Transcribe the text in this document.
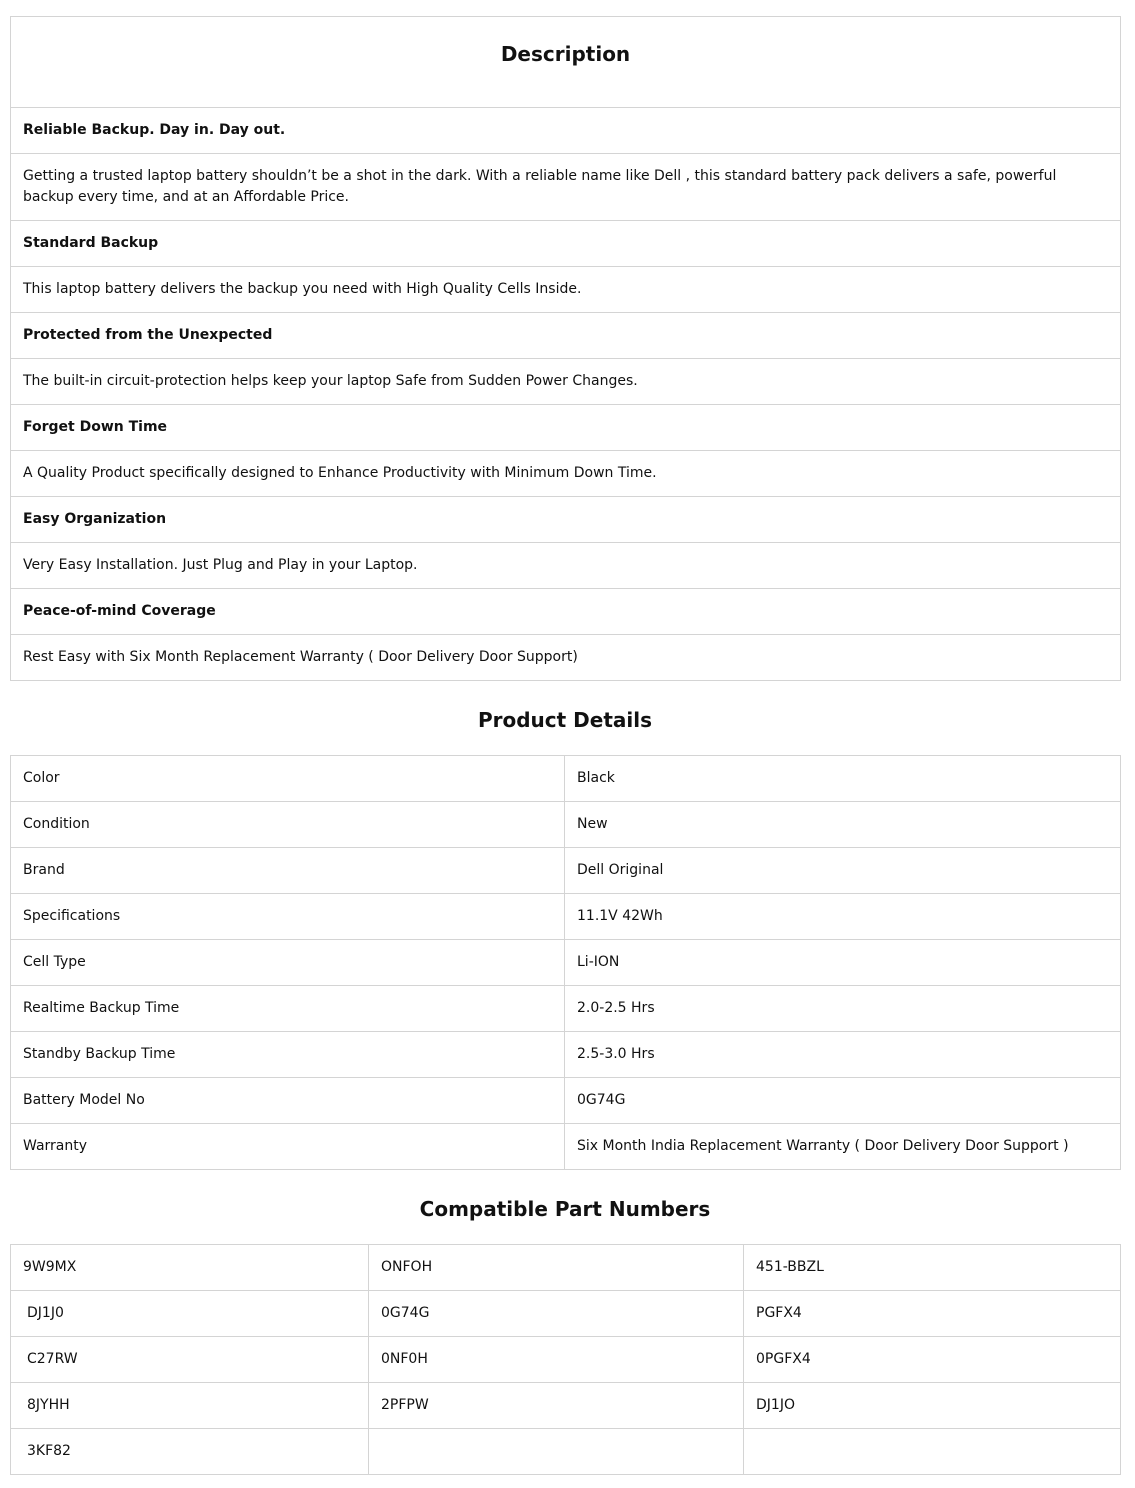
Description
Reliable Backup. Day in. Day out.
Getting a trusted laptop battery shouldn’t be a shot in the dark. With a reliable name like Dell , this standard battery pack delivers a safe, powerful backup every time, and at an Affordable Price.
Standard Backup
This laptop battery delivers the backup you need with High Quality Cells Inside.
Protected from the Unexpected
The built-in circuit-protection helps keep your laptop Safe from Sudden Power Changes.
Forget Down Time
A Quality Product specifically designed to Enhance Productivity with Minimum Down Time.
Easy Organization
Very Easy Installation. Just Plug and Play in your Laptop.
Peace-of-mind Coverage
Rest Easy with Six Month Replacement Warranty ( Door Delivery Door Support)
Product Details
Color	Black
Condition	New
Brand	Dell Original
Specifications	11.1V 42Wh
Cell Type	Li-ION
Realtime Backup Time	2.0-2.5 Hrs
Standby Backup Time	2.5-3.0 Hrs
Battery Model No	0G74G
Warranty	Six Month India Replacement Warranty ( Door Delivery Door Support )
Compatible Part Numbers
9W9MX	ONFOH	451-BBZL
DJ1J0	0G74G	PGFX4
C27RW	0NF0H	0PGFX4
8JYHH	2PFPW	DJ1JO
3KF82		
